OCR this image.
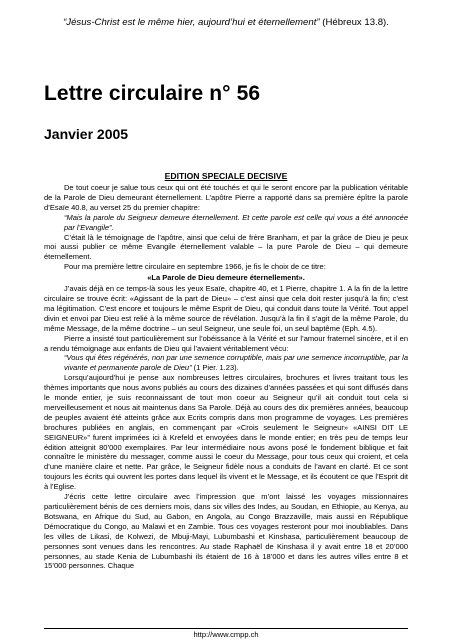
“Jésus-Christ est le même hier, aujourd’hui et éternellement” (Hébreux 13.8).
Lettre circulaire n° 56
Janvier 2005
EDITION SPECIALE DECISIVE

De tout coeur je salue tous ceux qui ont été touchés et qui le seront encore par la publication véritable de la Parole de Dieu demeurant éternellement. L’apôtre Pierre a rapporté dans sa première épître la parole d’Esaïe 40.8, au verset 25 du premier chapitre:

“Mais la parole du Seigneur demeure éternellement. Et cette parole est celle qui vous a été annoncée par l’Evangile”.

C’était là le témoignage de l’apôtre, ainsi que celui de frère Branham, et par la grâce de Dieu je peux moi aussi publier ce même Evangile éternellement valable – la pure Parole de Dieu – qui demeure éternellement.

Pour ma première lettre circulaire en septembre 1966, je fis le choix de ce titre:

«La Parole de Dieu demeure éternellement».

J’avais déjà en ce temps-là sous les yeux Esaïe, chapitre 40, et 1 Pierre, chapitre 1. A la fin de la lettre circulaire se trouve écrit: «Agissant de la part de Dieu» – c’est ainsi que cela doit rester jusqu’à la fin; c’est ma légitimation. C’est encore et toujours le même Esprit de Dieu, qui conduit dans toute la Vérité. Tout appel divin et envoi par Dieu est relié à la même source de révélation. Jusqu’à la fin il s’agit de la même Parole, du même Message, de la même doctrine – un seul Seigneur, une seule foi, un seul baptême (Eph. 4.5).

Pierre a insisté tout particulièrement sur l’obéissance à la Vérité et sur l’amour fraternel sincère, et il en a rendu témoignage aux enfants de Dieu qui l’avaient véritablement vécu:

“Vous qui êtes régénérés, non par une semence corruptible, mais par une semence incorruptible, par la vivante et permanente parole de Dieu” (1 Pier. 1.23).

Lorsqu’aujourd’hui je pense aux nombreuses lettres circulaires, brochures et livres traitant tous les thèmes importants que nous avons publiés au cours des dizaines d’années passées et qui sont diffusés dans le monde entier, je suis reconnaissant de tout mon coeur au Seigneur qu’il ait conduit tout cela si merveilleusement et nous ait maintenus dans Sa Parole. Déjà au cours des dix premières années, beaucoup de peuples avaient été atteints grâce aux Ecrits compris dans mon programme de voyages. Les premières brochures publiées en anglais, en commençant par «Crois seulement le Seigneur» «AINSI DIT LE SEIGNEUR»” furent imprimées ici à Krefeld et envoyées dans le monde entier; en très peu de temps leur édition atteignit 80’000 exemplaires. Par leur intermédiaire nous avons posé le fondement biblique et fait connaître le ministère du messager, comme aussi le coeur du Message, pour tous ceux qui croient, et cela d’une manière claire et nette. Par grâce, le Seigneur fidèle nous a conduits de l’avant en clarté. Et ce sont toujours les écrits qui ouvrent les portes dans lequel ils vivent et le Message, et ils écoutent ce que l’Esprit dit à l’Eglise.

J’écris cette lettre circulaire avec l’impression que m’ont laissé les voyages missionnaires particulièrement bénis de ces derniers mois, dans six villes des Indes, au Soudan, en Ethiopie, au Kenya, au Botswana, en Afrique du Sud, au Gabon, en Angola, au Congo Brazzaville, mais aussi en République Démocratique du Congo, au Malawi et en Zambie. Tous ces voyages resteront pour moi inoubliables. Dans les villes de Likasi, de Kolwezi, de Mbuji-Mayi, Lubumbashi et Kinshasa, particulièrement beaucoup de personnes sont venues dans les rencontres. Au stade Raphaël de Kinshasa il y avait entre 18 et 20’000 personnes, au stade Kenia de Lubumbashi ils étaient de 16 à 18’000 et dans les autres villes entre 8 et 15’000 personnes. Chaque

http://www.cmpp.ch
